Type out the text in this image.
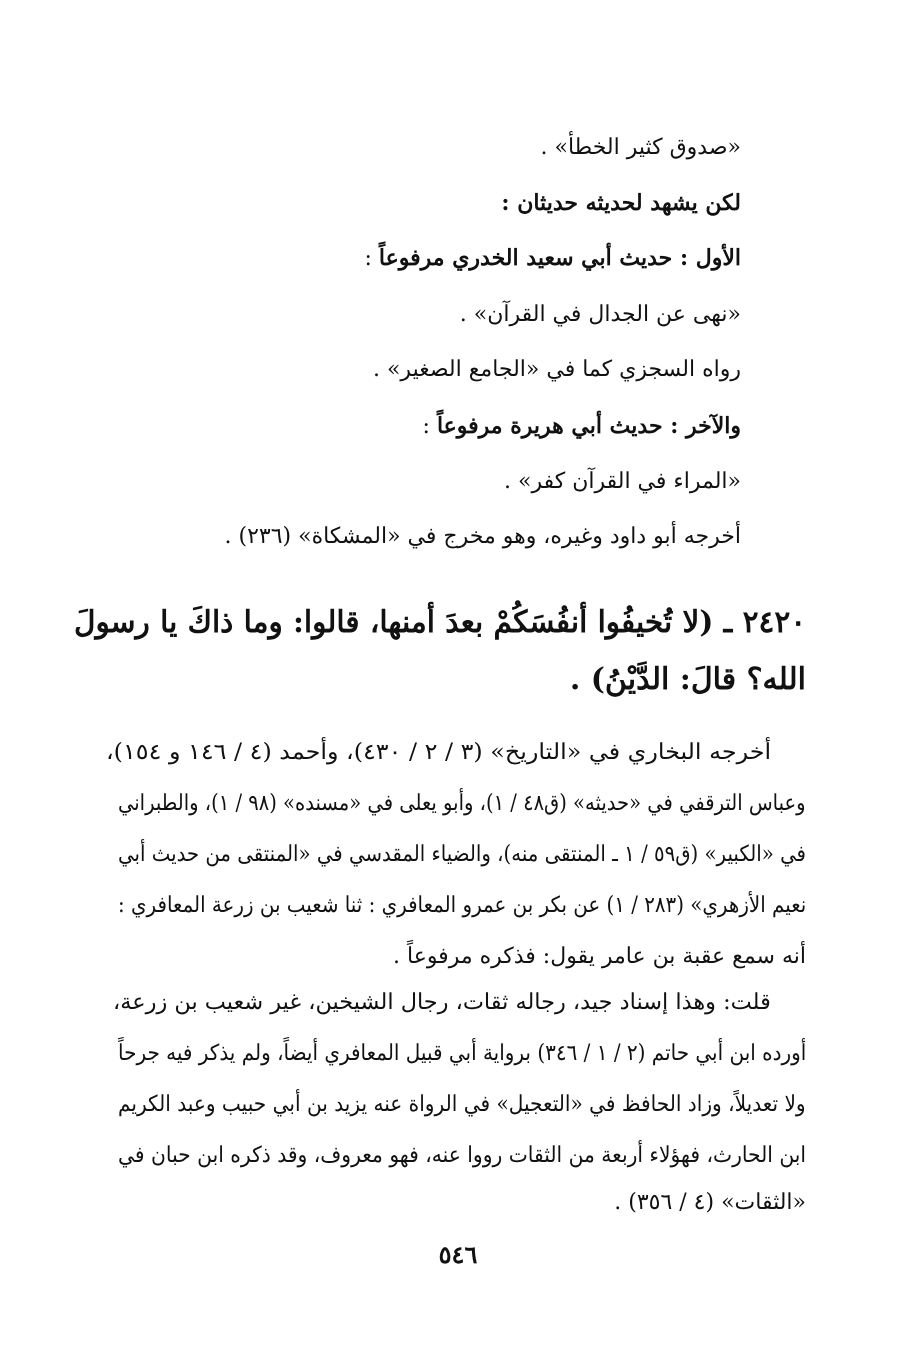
«صدوق كثير الخطأ» .
لكن يشهد لحديثه حديثان :
الأول : حديث أبي سعيد الخدري مرفوعاً :
«نهى عن الجدال في القرآن» .
رواه السجزي كما في «الجامع الصغير» .
والآخر : حديث أبي هريرة مرفوعاً :
«المراء في القرآن كفر» .
أخرجه أبو داود وغيره، وهو مخرج في «المشكاة» (٢٣٦) .
٢٤٢٠ ـ (لا تُخيفُوا أنفُسَكُمْ بعدَ أمنها، قالوا: وما ذاكَ يا رسولَ
الله؟ قالَ: الدَّيْنُ) .
أخرجه البخاري في «التاريخ» (٣ / ٢ / ٤٣٠)، وأحمد (٤ / ١٤٦ و ١٥٤)،
وعباس الترقفي في «حديثه» (ق٤٨ / ١)، وأبو يعلى في «مسنده» (٩٨ / ١)، والطبراني
في «الكبير» (ق٥٩ / ١ ـ المنتقى منه)، والضياء المقدسي في «المنتقى من حديث أبي
نعيم الأزهري» (٢٨٣ / ١) عن بكر بن عمرو المعافري : ثنا شعيب بن زرعة المعافري :
أنه سمع عقبة بن عامر يقول: فذكره مرفوعاً .
قلت: وهذا إسناد جيد، رجاله ثقات، رجال الشيخين، غير شعيب بن زرعة،
أورده ابن أبي حاتم (٢ / ١ / ٣٤٦) برواية أبي قبيل المعافري أيضاً، ولم يذكر فيه جرحاً
ولا تعديلاً، وزاد الحافظ في «التعجيل» في الرواة عنه يزيد بن أبي حبيب وعبد الكريم
ابن الحارث، فهؤلاء أربعة من الثقات رووا عنه، فهو معروف، وقد ذكره ابن حبان في
«الثقات» (٤ / ٣٥٦) .
٥٤٦
